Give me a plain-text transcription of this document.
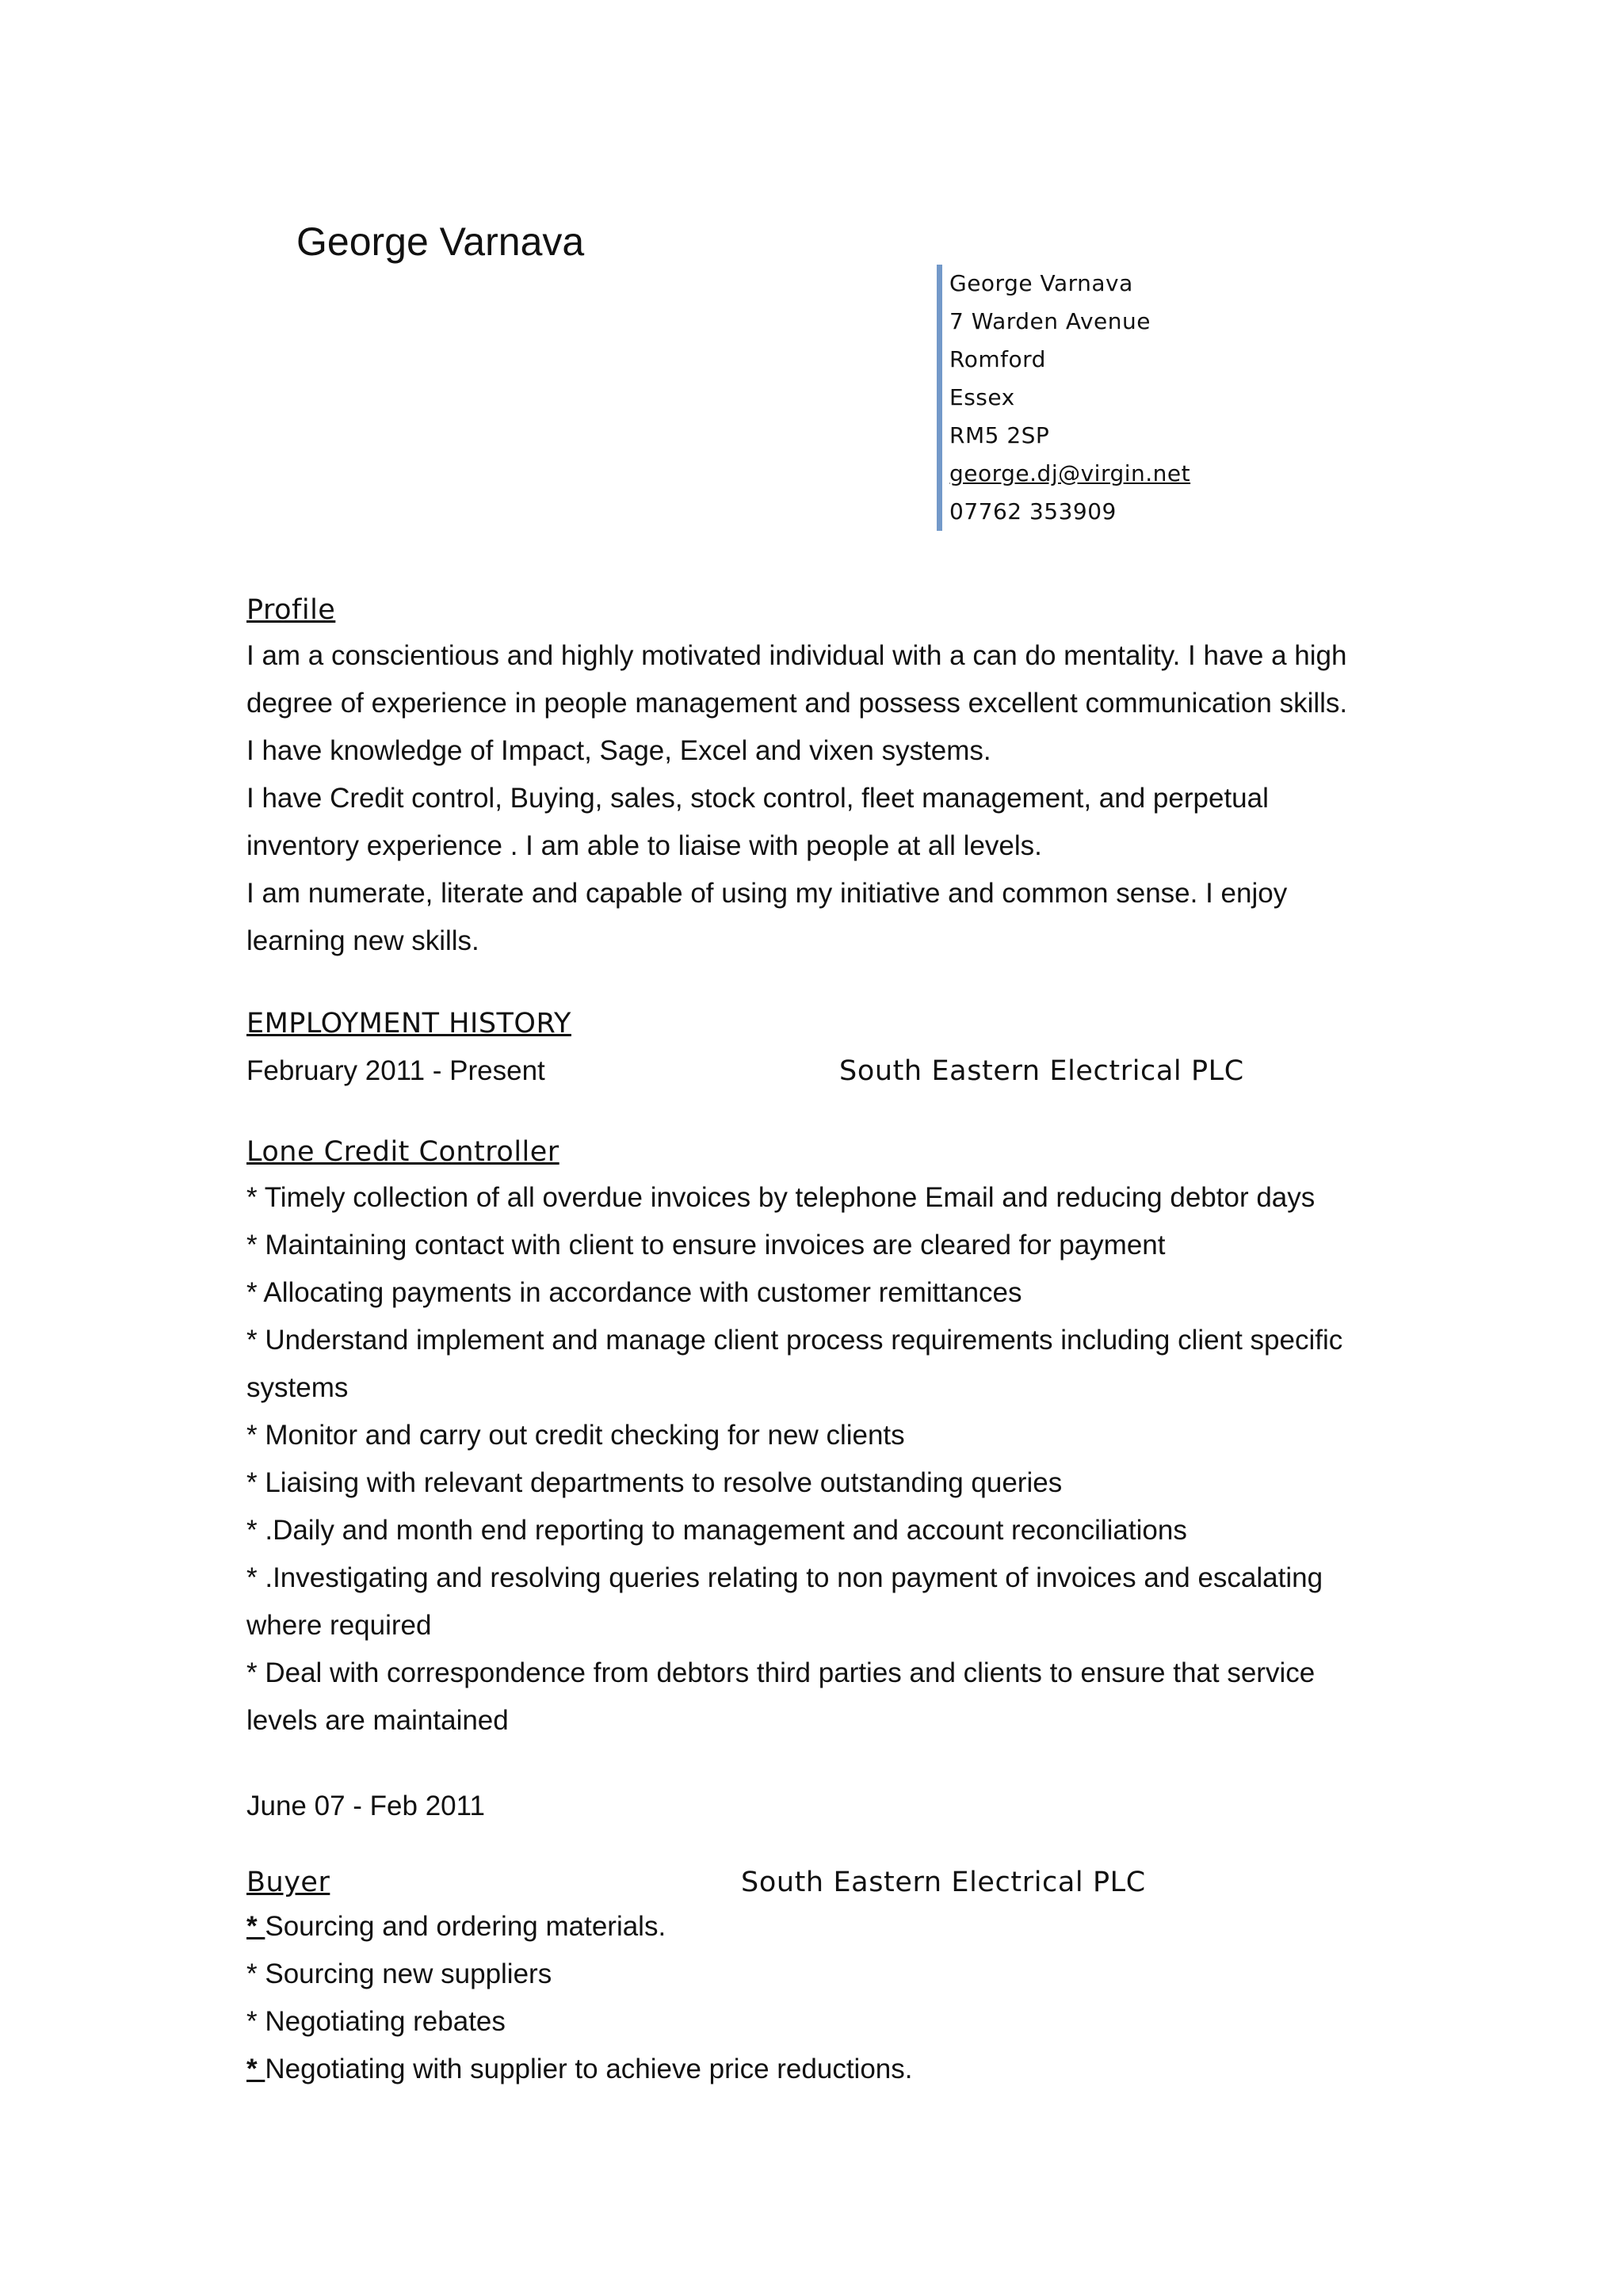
George Varnava
George Varnava
7 Warden Avenue
Romford
Essex
RM5 2SP
george.dj@virgin.net
07762 353909
Profile

I am a conscientious and highly motivated individual with a can do mentality. I have a high degree of experience in people management and possess excellent communication skills.

I have knowledge of Impact, Sage, Excel and vixen systems.

I have Credit control, Buying, sales, stock control, fleet management, and perpetual inventory experience . I am able to liaise with people at all levels.

I am numerate, literate and capable of using my initiative and common sense. I enjoy learning new skills.

EMPLOYMENT HISTORY
February 2011 - Present	South Eastern Electrical PLC
Lone Credit Controller

* Timely collection of all overdue invoices by telephone Email and reducing debtor days

* Maintaining contact with client to ensure invoices are cleared for payment

* Allocating payments in accordance with customer remittances

* Understand implement and manage client process requirements including client specific systems

* Monitor and carry out credit checking for new clients

* Liaising with relevant departments to resolve outstanding queries

* .Daily and month end reporting to management and account reconciliations

* .Investigating and resolving queries relating to non payment of invoices and escalating where required

* Deal with correspondence from debtors third parties and clients to ensure that service levels are maintained

June 07 - Feb 2011
Buyer	South Eastern Electrical PLC

* Sourcing and ordering materials.

* Sourcing new suppliers

* Negotiating rebates

* Negotiating with supplier to achieve price reductions.
